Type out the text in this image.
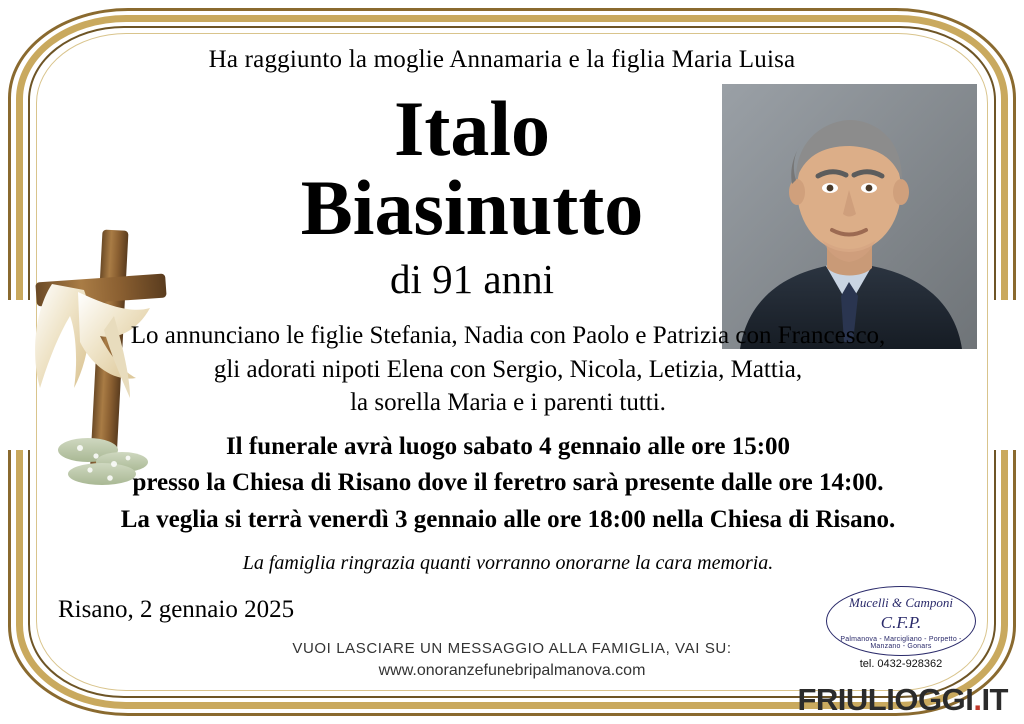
Ha raggiunto la moglie Annamaria e la figlia Maria Luisa
Italo
Biasinutto
di 91 anni
Lo annunciano le figlie Stefania, Nadia con Paolo e Patrizia con Francesco,
gli adorati nipoti Elena con Sergio, Nicola, Letizia, Mattia,
la sorella Maria e i parenti tutti.
Il funerale avrà luogo sabato 4 gennaio alle ore 15:00
presso la Chiesa di Risano dove il feretro sarà presente dalle ore 14:00.
La veglia si terrà venerdì 3 gennaio alle ore 18:00 nella Chiesa di Risano.
La famiglia ringrazia quanti vorranno onorarne la cara memoria.
Risano, 2 gennaio 2025
VUOI LASCIARE UN MESSAGGIO ALLA FAMIGLIA, VAI SU:
www.onoranzefunebripalmanova.com
Mucelli & Camponi
C.F.P.
Palmanova - Marcigliano - Porpetto - Manzano - Gonars
tel. 0432-928362
FRIULIOGGI.IT
